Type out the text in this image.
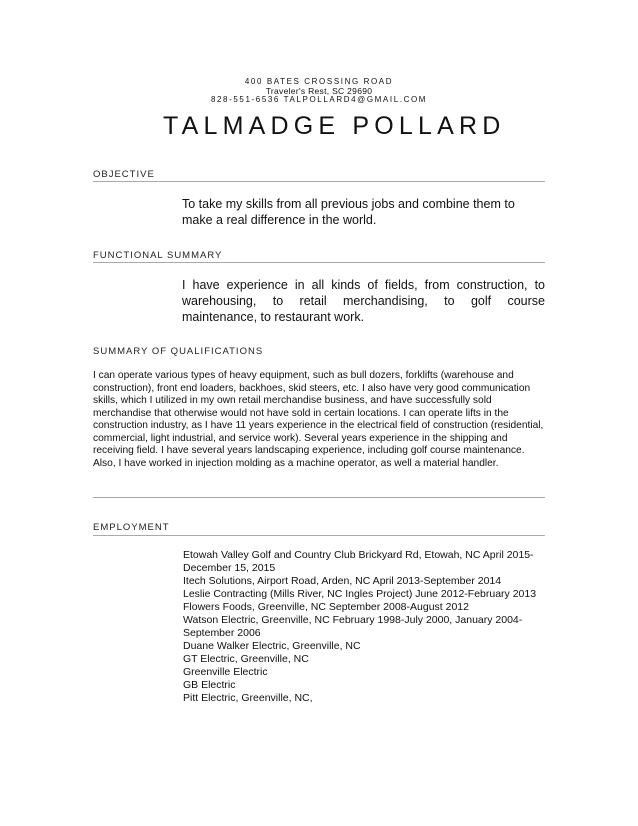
400 BATES CROSSING ROAD
Traveler's Rest, SC 29690
828-551-6536 TALPOLLARD4@GMAIL.COM
TALMADGE POLLARD
OBJECTIVE
To take my skills from all previous jobs and combine them to make a real difference in the world.
FUNCTIONAL SUMMARY
I have experience in all kinds of fields, from construction, to warehousing, to retail merchandising, to golf course maintenance, to restaurant work.
SUMMARY OF QUALIFICATIONS
I can operate various types of heavy equipment, such as bull dozers, forklifts (warehouse and construction), front end loaders, backhoes, skid steers, etc. I also have very good communication skills, which I utilized in my own retail merchandise business, and have successfully sold merchandise that otherwise would not have sold in certain locations. I can operate lifts in the construction industry, as I have 11 years experience in the electrical field of construction (residential, commercial, light industrial, and service work). Several years experience in the shipping and receiving field. I have several years landscaping experience, including golf course maintenance. Also, I have worked in injection molding as a machine operator, as well a material handler.
EMPLOYMENT
Etowah Valley Golf and Country Club Brickyard Rd, Etowah, NC April 2015-December 15, 2015
Itech Solutions, Airport Road, Arden, NC April 2013-September 2014
Leslie Contracting (Mills River, NC Ingles Project) June 2012-February 2013
Flowers Foods, Greenville, NC September 2008-August 2012
Watson Electric, Greenville, NC February 1998-July 2000, January 2004- September 2006
Duane Walker Electric, Greenville, NC
GT Electric, Greenville, NC
Greenville Electric
GB Electric
Pitt Electric, Greenville, NC,
